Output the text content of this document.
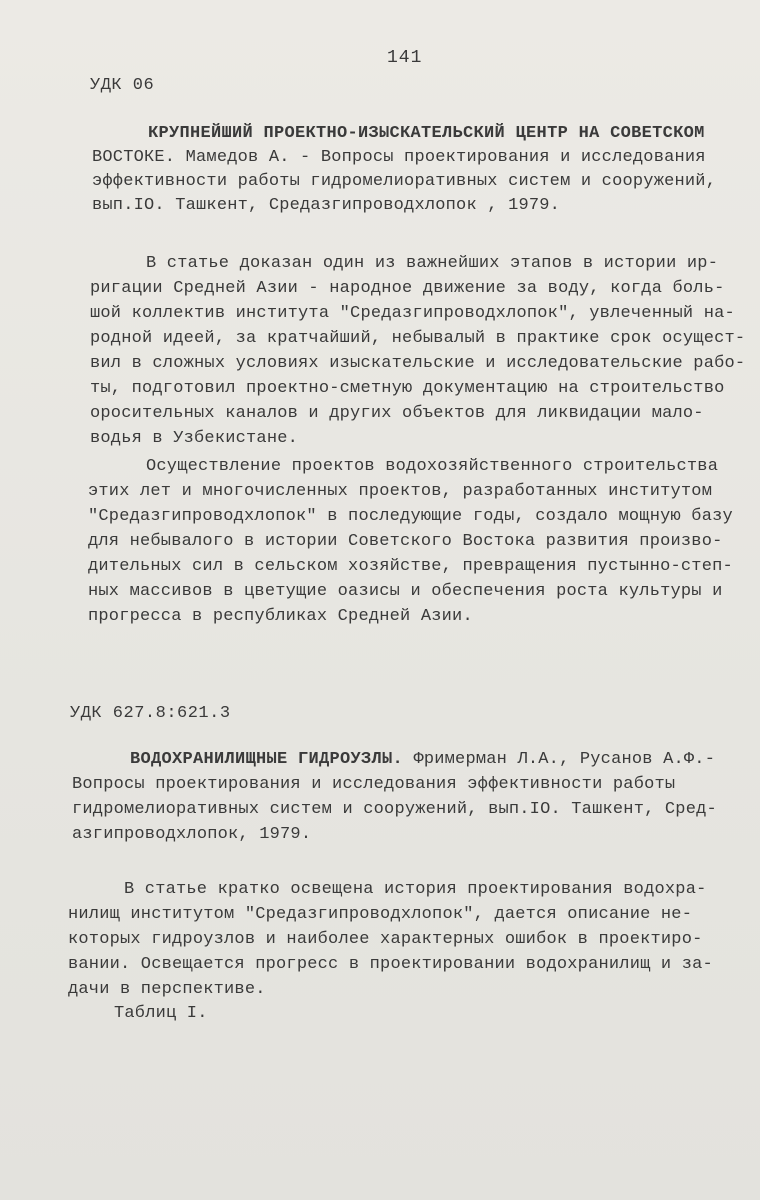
141
УДК 06
КРУПНЕЙШИЙ ПРОЕКТНО-ИЗЫСКАТЕЛЬСКИЙ ЦЕНТР НА СОВЕТСКОМ
ВОСТОКЕ. Мамедов А. - Вопросы проектирования и исследования
эффективности работы гидромелиоративных систем и сооружений,
вып.IO. Ташкент, Средазгипроводхлопок , 1979.
В статье доказан один из важнейших этапов в истории ир-
ригации Средней Азии - народное движение за воду, когда боль-
шой коллектив института "Средазгипроводхлопок", увлеченный на-
родной идеей, за кратчайший, небывалый в практике срок осущест-
вил в сложных условиях изыскательские и исследовательские рабо-
ты, подготовил проектно-сметную документацию на строительство
оросительных каналов и других объектов для ликвидации мало-
водья в Узбекистане.
Осуществление проектов водохозяйственного строительства
этих лет и многочисленных проектов, разработанных институтом
"Средазгипроводхлопок" в последующие годы, создало мощную базу
для небывалого в истории Советского Востока развития произво-
дительных сил в сельском хозяйстве, превращения пустынно-степ-
ных массивов в цветущие оазисы и обеспечения роста культуры и
прогресса в республиках Средней Азии.
УДК 627.8:621.3
ВОДОХРАНИЛИЩНЫЕ ГИДРОУЗЛЫ. Фримерман Л.А., Русанов А.Ф.-
Вопросы проектирования и исследования эффективности работы
гидромелиоративных систем и сооружений, вып.IO. Ташкент, Сред-
азгипроводхлопок, 1979.
В статье кратко освещена история проектирования водохра-
нилищ институтом "Средазгипроводхлопок", дается описание не-
которых гидроузлов и наиболее характерных ошибок в проектиро-
вании. Освещается прогресс в проектировании водохранилищ и за-
дачи в перспективе.
Таблиц I.
